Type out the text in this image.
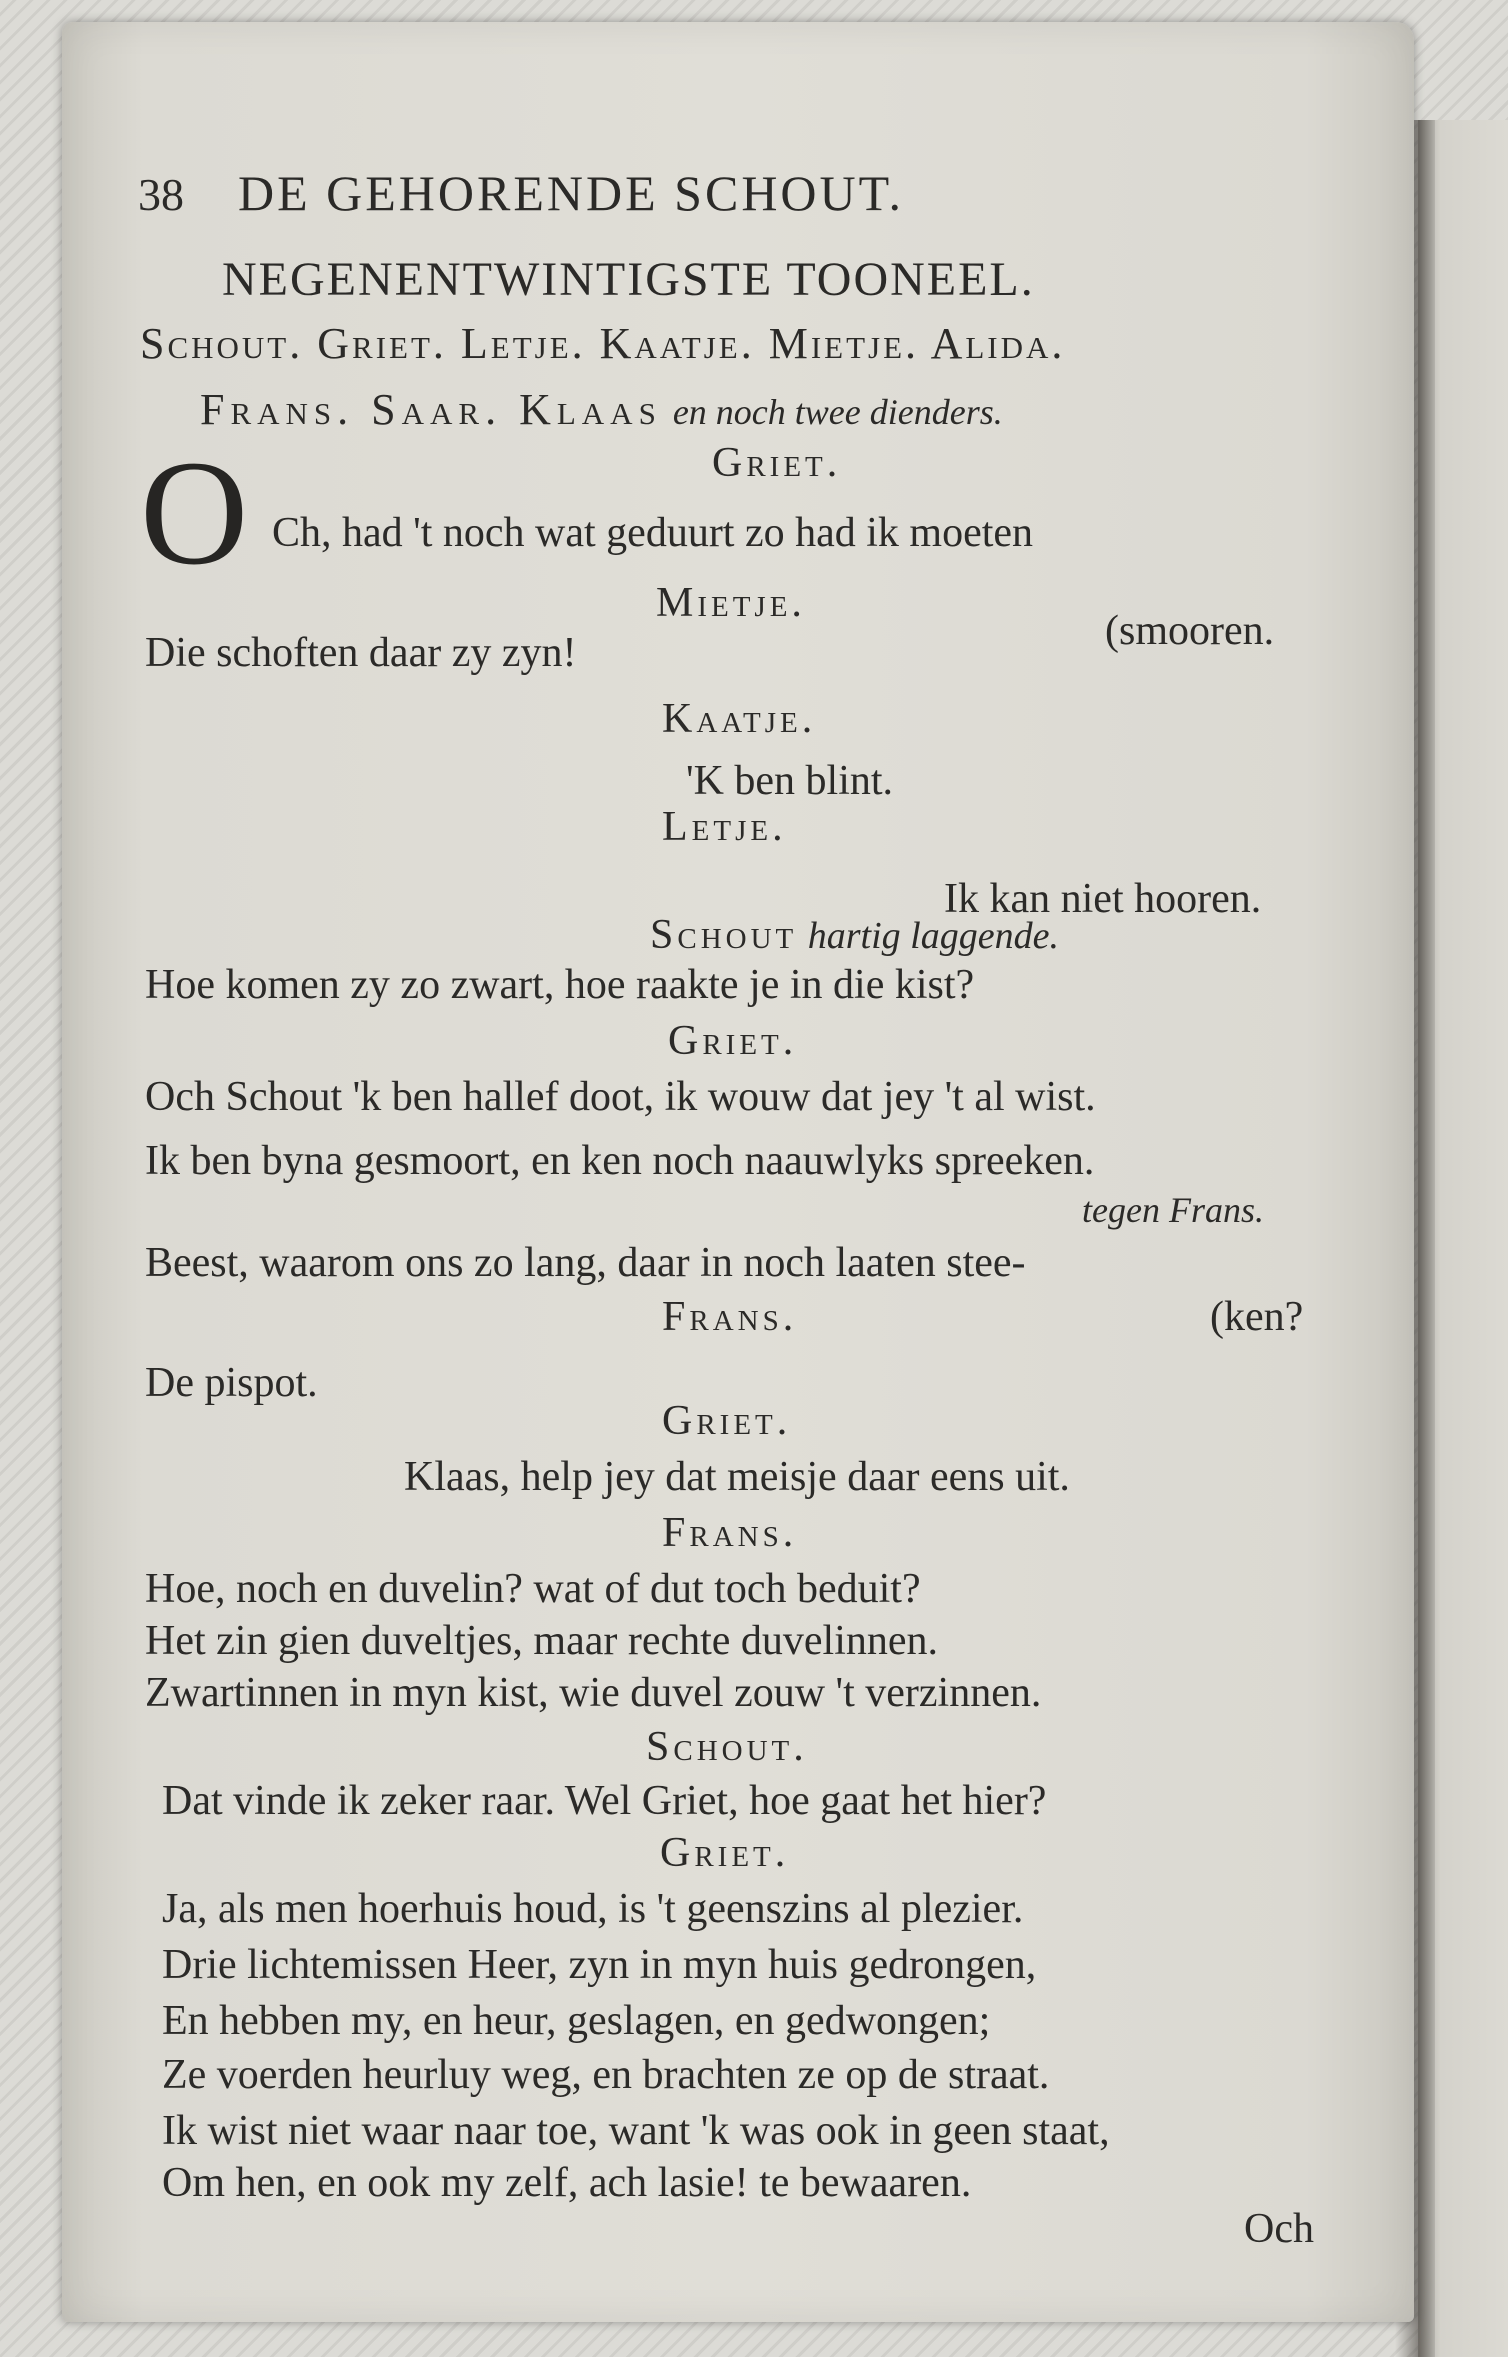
38 DE GEHORENDE SCHOUT.
NEGENENTWINTIGSTE TOONEEL.
Schout. Griet. Letje. Kaatje. Mietje. Alida.
Frans. Saar. Klaas en noch twee dienders.
O	Griet.
Ch, had 't noch wat geduurt zo had ik moeten
Mietje.
(smooren.
Die schoften daar zy zyn!
Kaatje.
'K ben blint.
Letje.
Ik kan niet hooren.
Schout hartig laggende.
Hoe komen zy zo zwart, hoe raakte je in die kist?
Griet.
Och Schout 'k ben hallef doot, ik wouw dat jey 't al wist.
Ik ben byna gesmoort, en ken noch naauwlyks spreeken.
tegen Frans.
Beest, waarom ons zo lang, daar in noch laaten stee-
Frans.	(ken?
De pispot.
Griet.
Klaas, help jey dat meisje daar eens uit.
Frans.
Hoe, noch en duvelin? wat of dut toch beduit?
Het zin gien duveltjes, maar rechte duvelinnen.
Zwartinnen in myn kist, wie duvel zouw 't verzinnen.
Schout.
Dat vinde ik zeker raar. Wel Griet, hoe gaat het hier?
Griet.
Ja, als men hoerhuis houd, is 't geenszins al plezier.
Drie lichtemissen Heer, zyn in myn huis gedrongen,
En hebben my, en heur, geslagen, en gedwongen;
Ze voerden heurluy weg, en brachten ze op de straat.
Ik wist niet waar naar toe, want 'k was ook in geen staat,
Om hen, en ook my zelf, ach lasie! te bewaaren.
Och
